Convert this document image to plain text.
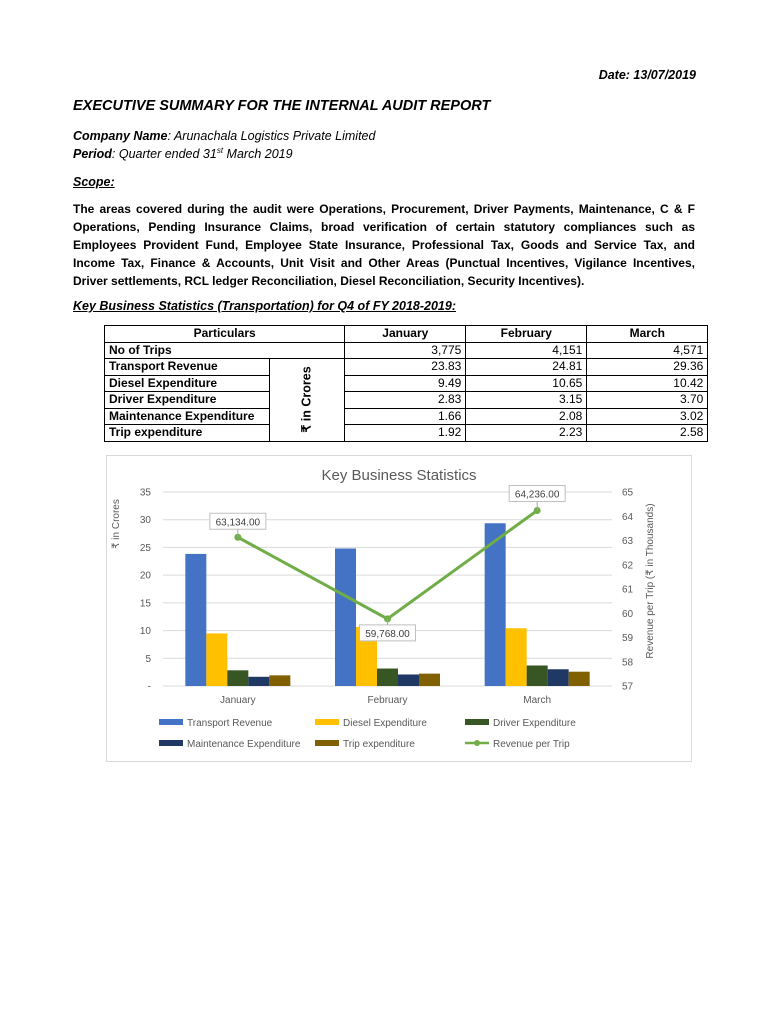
Date: 13/07/2019
EXECUTIVE SUMMARY FOR THE INTERNAL AUDIT REPORT
Company Name: Arunachala Logistics Private Limited
Period: Quarter ended 31st March 2019
Scope:
The areas covered during the audit were Operations, Procurement, Driver Payments, Maintenance, C & F Operations, Pending Insurance Claims, broad verification of certain statutory compliances such as Employees Provident Fund, Employee State Insurance, Professional Tax, Goods and Service Tax, and Income Tax, Finance & Accounts, Unit Visit and Other Areas (Punctual Incentives, Vigilance Incentives, Driver settlements, RCL ledger Reconciliation, Diesel Reconciliation, Security Incentives).
Key Business Statistics (Transportation) for Q4 of FY 2018-2019:
Particulars		January	February	March
No of Trips		3,775	4,151	4,571
Transport Revenue	₹ in Crores	23.83	24.81	29.36
Diesel Expenditure		9.49	10.65	10.42
Driver Expenditure		2.83	3.15	3.70
Maintenance Expenditure		1.66	2.08	3.02
Trip expenditure		1.92	2.23	2.58
Key Business Statistics
₹ in Crores	Revenue per Trip (₹ in Thousands)
63,134.00
59,768.00
64,236.00
-
5
10
15
20
25
30
35
57
58
59
60
61
62
63
64
65
January	February	March
Transport Revenue	Diesel Expenditure	Driver Expenditure
Maintenance Expenditure	Trip expenditure	Revenue per Trip
